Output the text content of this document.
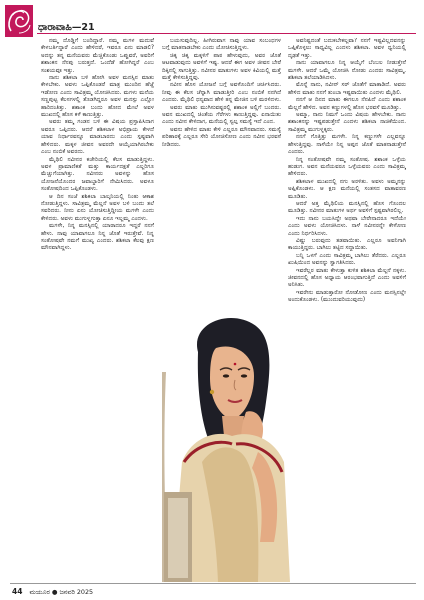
ಧಾರಾವಾಹಿ—21

ನಮ್ಮ ದೊಡ್ಡಿಗೆ ಬಂದಿದ್ದಾರೆ. ನಮ್ಮ ಮಗಳ ಮದುವೆ ಕೇಳಬರ್ತಿದ್ದಾರೆ ಎಂದು ಹೇಳಿದರೆ, ಇವರೂ ಏನು ಮಾಡಲಿ? ಅದನ್ನು ತನ್ನ ಮನೆಯವರು ಮೆಚ್ಚಿಕೊಂಡು ಒಪ್ಪುವರೆ, ಅವರಿಗೆ ಶಶಾಂಕನ ನೆನಪು ಬರುತ್ತದೆ. ಒಂದೆಡೆ ಹೋಗಿದ್ದರೆ ಎಂಬ ಸಂಶಯವೂ ಇತ್ತು.

ನಾನು ಶಶಿಕಲಾ ಬಳಿ ಹೋಗಿ ಅವಳ ಮನಸ್ಸಿನ ಮಾತು ಕೇಳಬೇಕು. ಅವಳು ಒಪ್ಪಿಕೊಂಡರೆ ಮಾತ್ರ ಮುಂದಿನ ಹೆಜ್ಜೆ ಇಡೋಣ ಎಂದು ಸಾವಿತ್ರಮ್ಮ ಯೋಚಿಸಿದರು. ಮಗಳು ಮನೆಯ ಸಣ್ಣಪುಟ್ಟ ಕೆಲಸಗಳಲ್ಲಿ ತೊಡಗಿದ್ದರೂ ಅವಳ ಮನಸ್ಸು ಎಲ್ಲೋ ಹಾರಿದಂತಿತ್ತು. ಶಶಾಂಕ ಬಂದು ಹೋದ ಮೇಲೆ ಅವಳ ಮುಖದಲ್ಲಿ ಹೊಸ ಕಳೆ ಕಾಣುತ್ತಿತ್ತು.

ಅವರು ತಮ್ಮ ಗಂಡನ ಬಳಿ ಈ ವಿಷಯ ಪ್ರಸ್ತಾಪಿಸಿದಾಗ ಅವರೂ ಒಪ್ಪಿದರು. ಆದರೆ ಶಶಿಕಲಾಳ ಅಭಿಪ್ರಾಯ ಕೇಳದೆ ಯಾವ ನಿರ್ಧಾರವನ್ನೂ ಮಾಡಬಾರದು ಎಂದು ಸ್ಪಷ್ಟವಾಗಿ ಹೇಳಿದರು. ಮಕ್ಕಳ ಜೀವನ ಅವರದೇ ಆಯ್ಕೆಯಾಗಿರಬೇಕು ಎಂಬ ನಂಬಿಕೆ ಅವರದು.

ಮೈಥಿಲಿ ನವೀನರ ಕಚೇರಿಯಲ್ಲಿ ಕೆಲಸ ಮಾಡುತ್ತಿದ್ದಳು. ಅವಳ ಪ್ರಾಮಾಣಿಕತೆ ಮತ್ತು ಕಾರ್ಯದಕ್ಷತೆ ಎಲ್ಲರಿಗೂ ಮೆಚ್ಚುಗೆಯಾಗಿತ್ತು. ನವೀನರು ಅವಳನ್ನು ಹೊಸ ಯೋಜನೆಯೊಂದರ ಜವಾಬ್ದಾರಿಗೆ ನೇಮಿಸಿದರು. ಅವಳೂ ಸಂತೋಷದಿಂದ ಒಪ್ಪಿಕೊಂಡಳು.

ಆ ದಿನ ಸಂಜೆ ಶಶಿಕಲಾ ಬಾಲ್ಕನಿಯಲ್ಲಿ ನಿಂತು ಆಕಾಶ ನೋಡುತ್ತಿದ್ದಳು. ಸಾವಿತ್ರಮ್ಮ ಮೆಲ್ಲನೆ ಅವಳ ಬಳಿ ಬಂದು ತಲೆ ಸವರಿದರು. ನೀನು ಏನು ಯೋಚಿಸುತ್ತಿದ್ದೀಯ ಮಗಳೇ ಎಂದು ಕೇಳಿದರು. ಅವಳು ಮುಗುಳ್ನಗುತ್ತಾ ಏನೂ ಇಲ್ಲಮ್ಮ ಎಂದಳು.

ಮಗಳೇ, ನಿನ್ನ ಮನಸ್ಸಿನಲ್ಲಿ ಯಾರಾದರೂ ಇದ್ದರೆ ನನಗೆ ಹೇಳು. ನಾವು ಯಾವಾಗಲೂ ನಿನ್ನ ಜೊತೆ ಇರುತ್ತೇವೆ. ನಿನ್ನ ಸಂತೋಷವೇ ನಮಗೆ ಮುಖ್ಯ ಎಂದರು. ಶಶಿಕಲಾ ಕೆಲವು ಕ್ಷಣ ಮೌನವಾಗಿದ್ದಳು.

ಬಯಸುವುದಿಲ್ಲ. ಹೀಗಿರುವಾಗ ನಾವು ಯಾವ ಸಂಬಂಧಗಳ ಬಗ್ಗೆ ಮಾತನಾಡಬೇಕು ಎಂದು ಯೋಚಿಸುತ್ತಿದ್ದಳು.

ಚಿಕ್ಕ ಚಿಕ್ಕ ಮಕ್ಕಳಿಗೆ ಪಾಠ ಹೇಳುವುದು, ಅವರ ಜೊತೆ ಆಟವಾಡುವುದು ಅವಳಿಗೆ ಇಷ್ಟ. ಆದರೆ ಈಗ ಅವಳ ಜೀವನ ಬೇರೆ ದಿಕ್ಕಿನಲ್ಲಿ ಸಾಗುತ್ತಿತ್ತು. ನವೀನರ ಮಾತುಗಳು ಅವಳ ಕಿವಿಯಲ್ಲಿ ಮತ್ತೆ ಮತ್ತೆ ಕೇಳಿಸುತ್ತಿದ್ದವು.

ನವೀನ ಹೊಸ ಯೋಜನೆ ಬಗ್ಗೆ ಅವಳೊಂದಿಗೆ ಚರ್ಚಿಸಿದರು. ನೀವು ಈ ಕೆಲಸ ಚೆನ್ನಾಗಿ ಮಾಡುತ್ತೀರಿ ಎಂಬ ನಂಬಿಕೆ ನನಗಿದೆ ಎಂದರು. ಮೈಥಿಲಿ ಧನ್ಯವಾದ ಹೇಳಿ ತನ್ನ ಮೇಜಿನ ಬಳಿ ಮರಳಿದಳು.

ಅವರು ಮಾತು ಮುಗಿಸುವಷ್ಟರಲ್ಲಿ ಶಶಾಂಕ ಅಲ್ಲಿಗೆ ಬಂದರು. ಅವನ ಮುಖದಲ್ಲಿ ಚಿಂತೆಯ ಗೆರೆಗಳು ಕಾಣುತ್ತಿದ್ದವು. ಏನಾಯಿತು ಎಂದು ನವೀನ ಕೇಳಿದಾಗ, ಮನೆಯಲ್ಲಿ ಸ್ವಲ್ಪ ಸಮಸ್ಯೆ ಇದೆ ಎಂದ.

ಅವನು ಹೇಳಿದ ಮಾತು ಕೇಳಿ ಎಲ್ಲರೂ ಮೌನವಾದರು. ಸಮಸ್ಯೆ ಪರಿಹಾರಕ್ಕೆ ಎಲ್ಲರೂ ಸೇರಿ ಯೋಚಿಸೋಣ ಎಂದು ನವೀನ ಭರವಸೆ ನೀಡಿದರು.

ಅವನಿಷ್ಟದಂತೆ ಬದುಕಬೇಕಲ್ಲವಾ? ನನಗೆ ಇಷ್ಟವಿಲ್ಲದವನನ್ನು ಒಪ್ಪಿಕೊಳ್ಳಲು ಸಾಧ್ಯವಿಲ್ಲ ಎಂದಳು ಶಶಿಕಲಾ. ಅವಳ ಧ್ವನಿಯಲ್ಲಿ ದೃಢತೆ ಇತ್ತು.

ನಾನು ಯಾವಾಗಲೂ ನಿನ್ನ ಆಯ್ಕೆಗೆ ಬೆಂಬಲ ನೀಡುತ್ತೇನೆ ಮಗಳೇ. ಆದರೆ ಒಮ್ಮೆ ಯೋಚಿಸಿ ನೋಡು ಎಂದರು ಸಾವಿತ್ರಮ್ಮ. ಶಶಿಕಲಾ ತಲೆಯಾಡಿಸಿದಳು.

ಮೊನ್ನೆ ನಾನು, ನವೀನ್ ಸರ್ ಜೊತೆಗೆ ಮಾತಾಡಿದೆ. ಅವರು ಹೇಳಿದ ಮಾತು ನನಗೆ ತುಂಬಾ ಇಷ್ಟವಾಯಿತು ಎಂದಳು ಮೈಥಿಲಿ.

ನನಗೆ ಆ ದಿನದ ಮಾತು ಈಗಲೂ ನೆನಪಿದೆ ಎಂದು ಶಶಾಂಕ ಮೆಲ್ಲನೆ ಹೇಳಿದ. ಅವನ ಕಣ್ಣುಗಳಲ್ಲಿ ಹೊಸ ಭರವಸೆ ಮೂಡಿತ್ತು.

ಅಮ್ಮಾ, ನಾನು ನಿಮಗೆ ಒಂದು ವಿಷಯ ಹೇಳಬೇಕು. ನಾನು ಶಶಾಂಕನನ್ನು ಇಷ್ಟಪಡುತ್ತೇನೆ ಎಂದಳು ಶಶಿಕಲಾ ನಾಚಿಕೆಯಿಂದ. ಸಾವಿತ್ರಮ್ಮ ಮುಗುಳ್ನಕ್ಕರು.

ನನಗೆ ಗೊತ್ತಿತ್ತು ಮಗಳೇ. ನಿನ್ನ ಕಣ್ಣುಗಳೇ ಎಲ್ಲವನ್ನೂ ಹೇಳುತ್ತಿದ್ದವು. ನಾಳೆಯೇ ನಿನ್ನ ಅಪ್ಪನ ಜೊತೆ ಮಾತನಾಡುತ್ತೇನೆ ಎಂದರು.

ನಿನ್ನ ಸಂತೋಷವೇ ನಮ್ಮ ಸಂತೋಷ. ಶಶಾಂಕ ಒಳ್ಳೆಯ ಹುಡುಗ. ಅವನ ಮನೆಯವರೂ ಒಳ್ಳೆಯವರು ಎಂದು ಸಾವಿತ್ರಮ್ಮ ಹೇಳಿದರು.

ಶಶಿಕಲಾಳ ಮುಖದಲ್ಲಿ ನಗು ಅರಳಿತು. ಅವಳು ಅಮ್ಮನನ್ನು ಅಪ್ಪಿಕೊಂಡಳು. ಆ ಕ್ಷಣ ಮನೆಯಲ್ಲಿ ಸಂತಸದ ವಾತಾವರಣ ಮೂಡಿತು.

ಆದರೆ ಅತ್ತ ಮೈಥಿಲಿಯ ಮನಸ್ಸಿನಲ್ಲಿ ಹೊಸ ಗೊಂದಲ ಮೂಡಿತ್ತು. ನವೀನರ ಮಾತುಗಳ ಅರ್ಥ ಅವಳಿಗೆ ಸ್ಪಷ್ಟವಾಗಿರಲಿಲ್ಲ.

ಇದು ನಾನು ಬಯಸಿದ್ದೇ ಅಥವಾ ಬೇರೇನಾದರೂ ಇದೆಯೇ ಎಂದು ಅವಳು ಯೋಚಿಸಿದಳು. ನಾಳೆ ನವೀನರನ್ನೇ ಕೇಳೋಣ ಎಂದು ನಿರ್ಧರಿಸಿದಳು.

ವಿಷ್ಣು ಬರುವುದು ತಡವಾಯಿತು. ಎಲ್ಲರೂ ಅವನಿಗಾಗಿ ಕಾಯುತ್ತಿದ್ದರು. ಬಾಗಿಲು ತಟ್ಟಿದ ಸದ್ದಾಯಿತು.

ಬನ್ನಿ ಒಳಗೆ ಎಂದು ಸಾವಿತ್ರಮ್ಮ ಬಾಗಿಲು ತೆರೆದರು. ಎಲ್ಲರೂ ಖುಷಿಯಿಂದ ಅವನನ್ನು ಸ್ವಾಗತಿಸಿದರು.

ಇವರೆಲ್ಲರ ಮಾತು ಕೇಳುತ್ತಾ ಕುಳಿತ ಶಶಿಕಲಾ ಮೆಲ್ಲನೆ ನಕ್ಕಳು. ಜೀವನದಲ್ಲಿ ಹೊಸ ಅಧ್ಯಾಯ ಆರಂಭವಾಗುತ್ತಿದೆ ಎಂದು ಅವಳಿಗೆ ಅನಿಸಿತು.

ಇವರೇನು ಮಾಡುತ್ತಾರೋ ನೋಡೋಣ ಎಂದು ಮನಸ್ಸಿನಲ್ಲೇ ಅಂದುಕೊಂಡಳು. (ಮುಂದುವರಿಯುವುದು)

44 ಮಯೂರ ● ಜನವರಿ 2025
